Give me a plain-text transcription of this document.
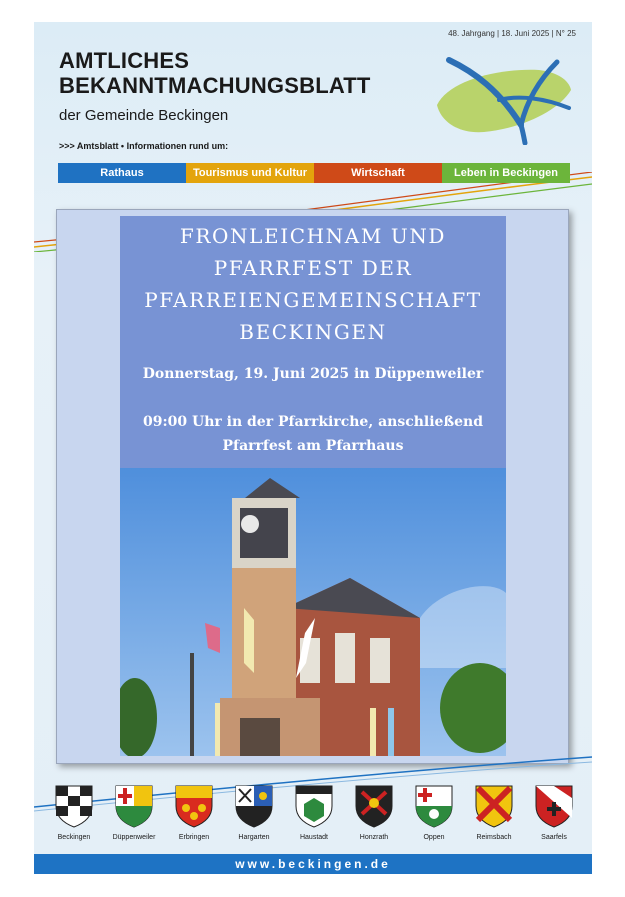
48. Jahrgang | 18. Juni 2025 | N° 25
AMTLICHES
BEKANNTMACHUNGSBLATT
der Gemeinde Beckingen
>>> Amtsblatt • Informationen rund um:
Rathaus	Tourismus und Kultur	Wirtschaft	Leben in Beckingen
FRONLEICHNAM UND
PFARRFEST DER
PFARREIENGEMEINSCHAFT
BECKINGEN
Donnerstag, 19. Juni 2025 in Düppenweiler
09:00 Uhr in der Pfarrkirche, anschließend
Pfarrfest am Pfarrhaus
Beckingen	Düppenweiler	Erbringen	Hargarten	Haustadt	Honzrath	Oppen	Reimsbach	Saarfels
www.beckingen.de
